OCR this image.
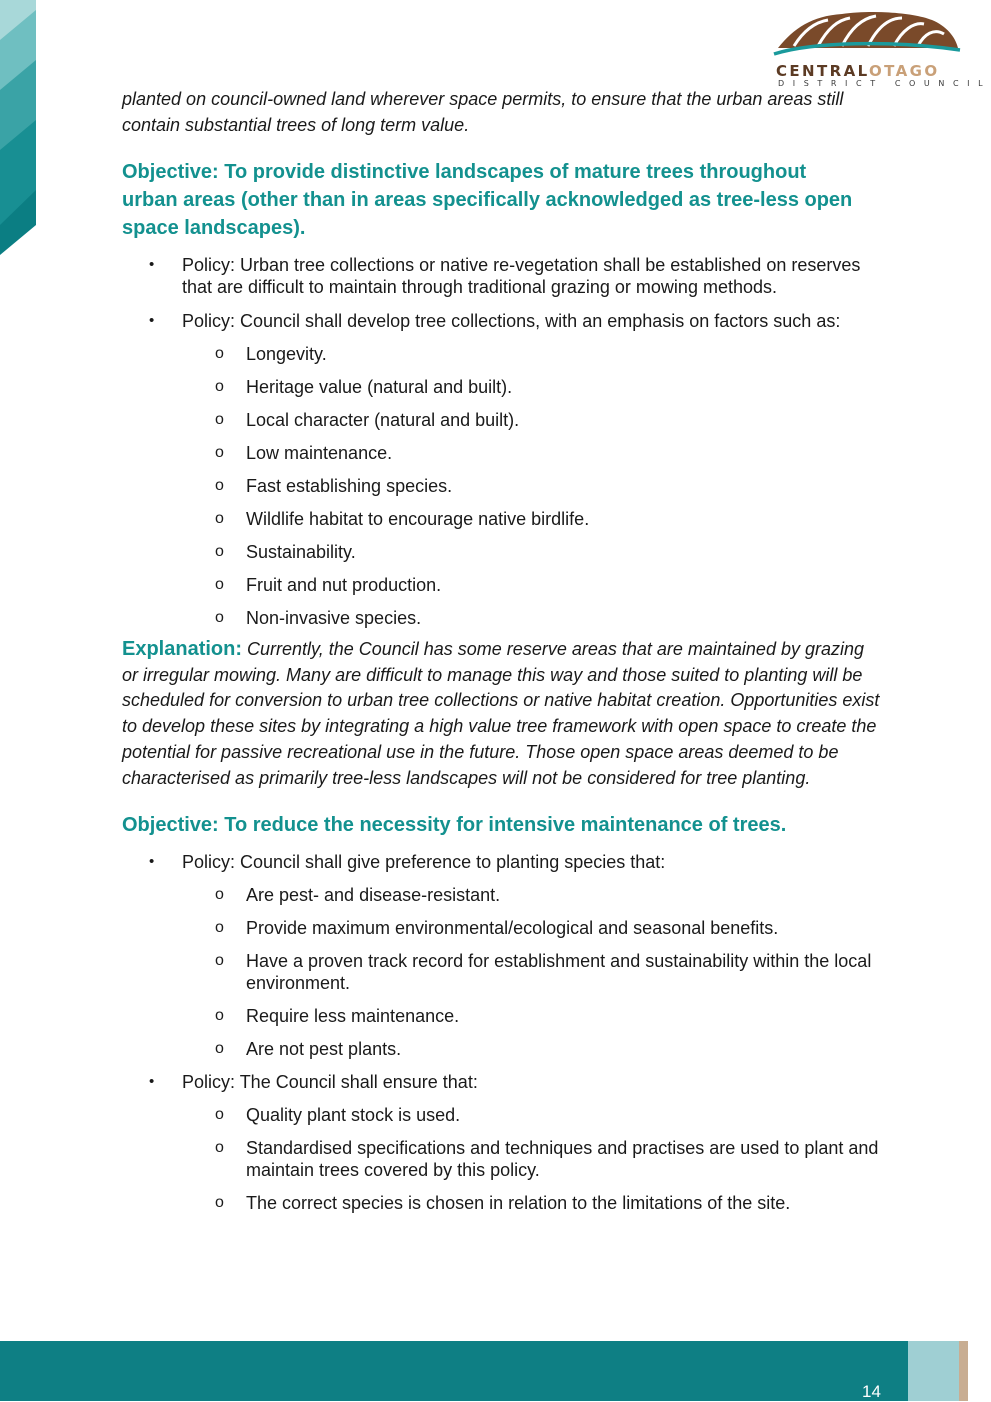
CENTRALOTAGO
DISTRICT COUNCIL

planted on council-owned land wherever space permits, to ensure that the urban areas still contain substantial trees of long term value.

Objective: To provide distinctive landscapes of mature trees throughout urban areas (other than in areas specifically acknowledged as tree-less open space landscapes).

• Policy: Urban tree collections or native re-vegetation shall be established on reserves that are difficult to maintain through traditional grazing or mowing methods.
• Policy: Council shall develop tree collections, with an emphasis on factors such as:
o Longevity.
o Heritage value (natural and built).
o Local character (natural and built).
o Low maintenance.
o Fast establishing species.
o Wildlife habitat to encourage native birdlife.
o Sustainability.
o Fruit and nut production.
o Non-invasive species.

Explanation: Currently, the Council has some reserve areas that are maintained by grazing or irregular mowing. Many are difficult to manage this way and those suited to planting will be scheduled for conversion to urban tree collections or native habitat creation. Opportunities exist to develop these sites by integrating a high value tree framework with open space to create the potential for passive recreational use in the future. Those open space areas deemed to be characterised as primarily tree-less landscapes will not be considered for tree planting.

Objective: To reduce the necessity for intensive maintenance of trees.

• Policy: Council shall give preference to planting species that:
o Are pest- and disease-resistant.
o Provide maximum environmental/ecological and seasonal benefits.
o Have a proven track record for establishment and sustainability within the local environment.
o Require less maintenance.
o Are not pest plants.
• Policy: The Council shall ensure that:
o Quality plant stock is used.
o Standardised specifications and techniques and practises are used to plant and maintain trees covered by this policy.
o The correct species is chosen in relation to the limitations of the site.
14
